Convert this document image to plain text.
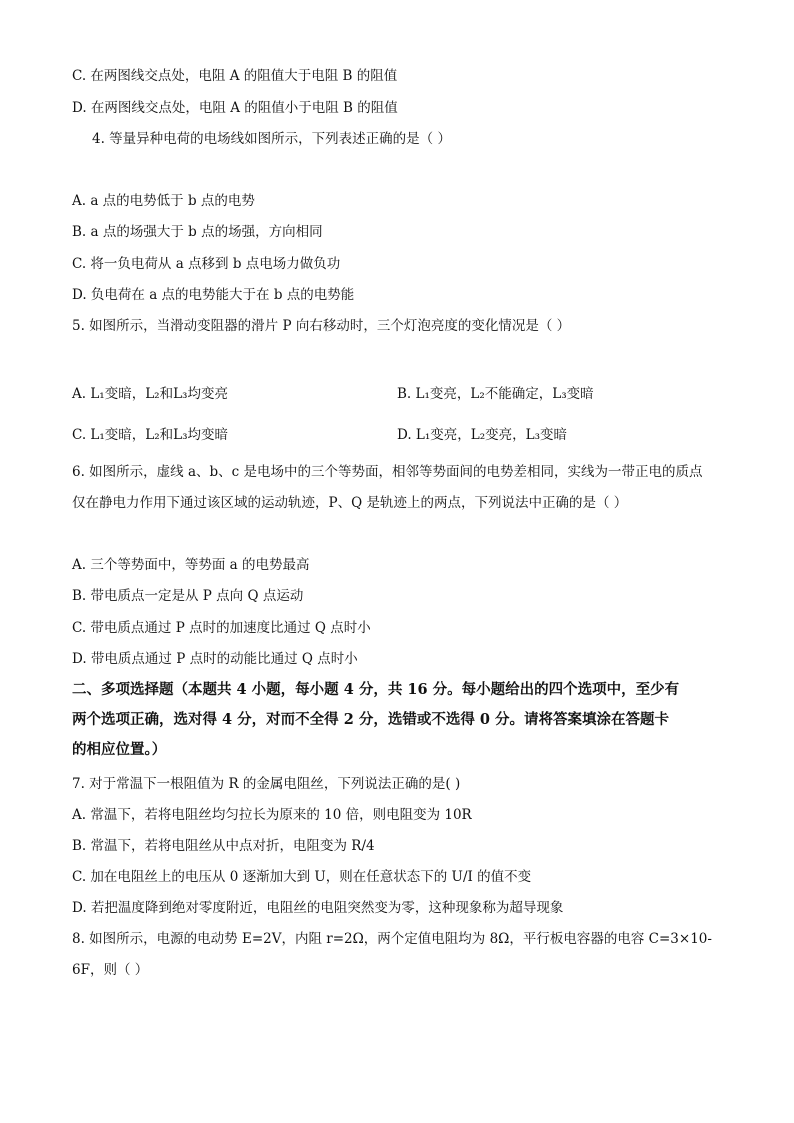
C. 在两图线交点处，电阻 A 的阻值大于电阻 B 的阻值
D. 在两图线交点处，电阻 A 的阻值小于电阻 B 的阻值
4. 等量异种电荷的电场线如图所示，下列表述正确的是（ ）
A. a 点的电势低于 b 点的电势
B. a 点的场强大于 b 点的场强，方向相同
C. 将一负电荷从 a 点移到 b 点电场力做负功
D. 负电荷在 a 点的电势能大于在 b 点的电势能
5. 如图所示，当滑动变阻器的滑片 P 向右移动时，三个灯泡亮度的变化情况是（ ）
A. L₁变暗，L₂和L₃均变亮	B. L₁变亮，L₂不能确定，L₃变暗
C. L₁变暗，L₂和L₃均变暗	D. L₁变亮，L₂变亮，L₃变暗
6. 如图所示，虚线 a、b、c 是电场中的三个等势面，相邻等势面间的电势差相同，实线为一带正电的质点
仅在静电力作用下通过该区域的运动轨迹，P、Q 是轨迹上的两点，下列说法中正确的是（ ）
A. 三个等势面中，等势面 a 的电势最高
B. 带电质点一定是从 P 点向 Q 点运动
C. 带电质点通过 P 点时的加速度比通过 Q 点时小
D. 带电质点通过 P 点时的动能比通过 Q 点时小
二、多项选择题（本题共 4 小题，每小题 4 分，共 16 分。每小题给出的四个选项中，至少有
两个选项正确，选对得 4 分，对而不全得 2 分，选错或不选得 0 分。请将答案填涂在答题卡
的相应位置。）
7. 对于常温下一根阻值为 R 的金属电阻丝，下列说法正确的是( )
A. 常温下，若将电阻丝均匀拉长为原来的 10 倍，则电阻变为 10R
B. 常温下，若将电阻丝从中点对折，电阻变为 R/4
C. 加在电阻丝上的电压从 0 逐渐加大到 U，则在任意状态下的 U/I 的值不变
D. 若把温度降到绝对零度附近，电阻丝的电阻突然变为零，这种现象称为超导现象
8. 如图所示，电源的电动势 E=2V，内阻 r=2Ω，两个定值电阻均为 8Ω，平行板电容器的电容 C=3×10-
6F，则（ ）
